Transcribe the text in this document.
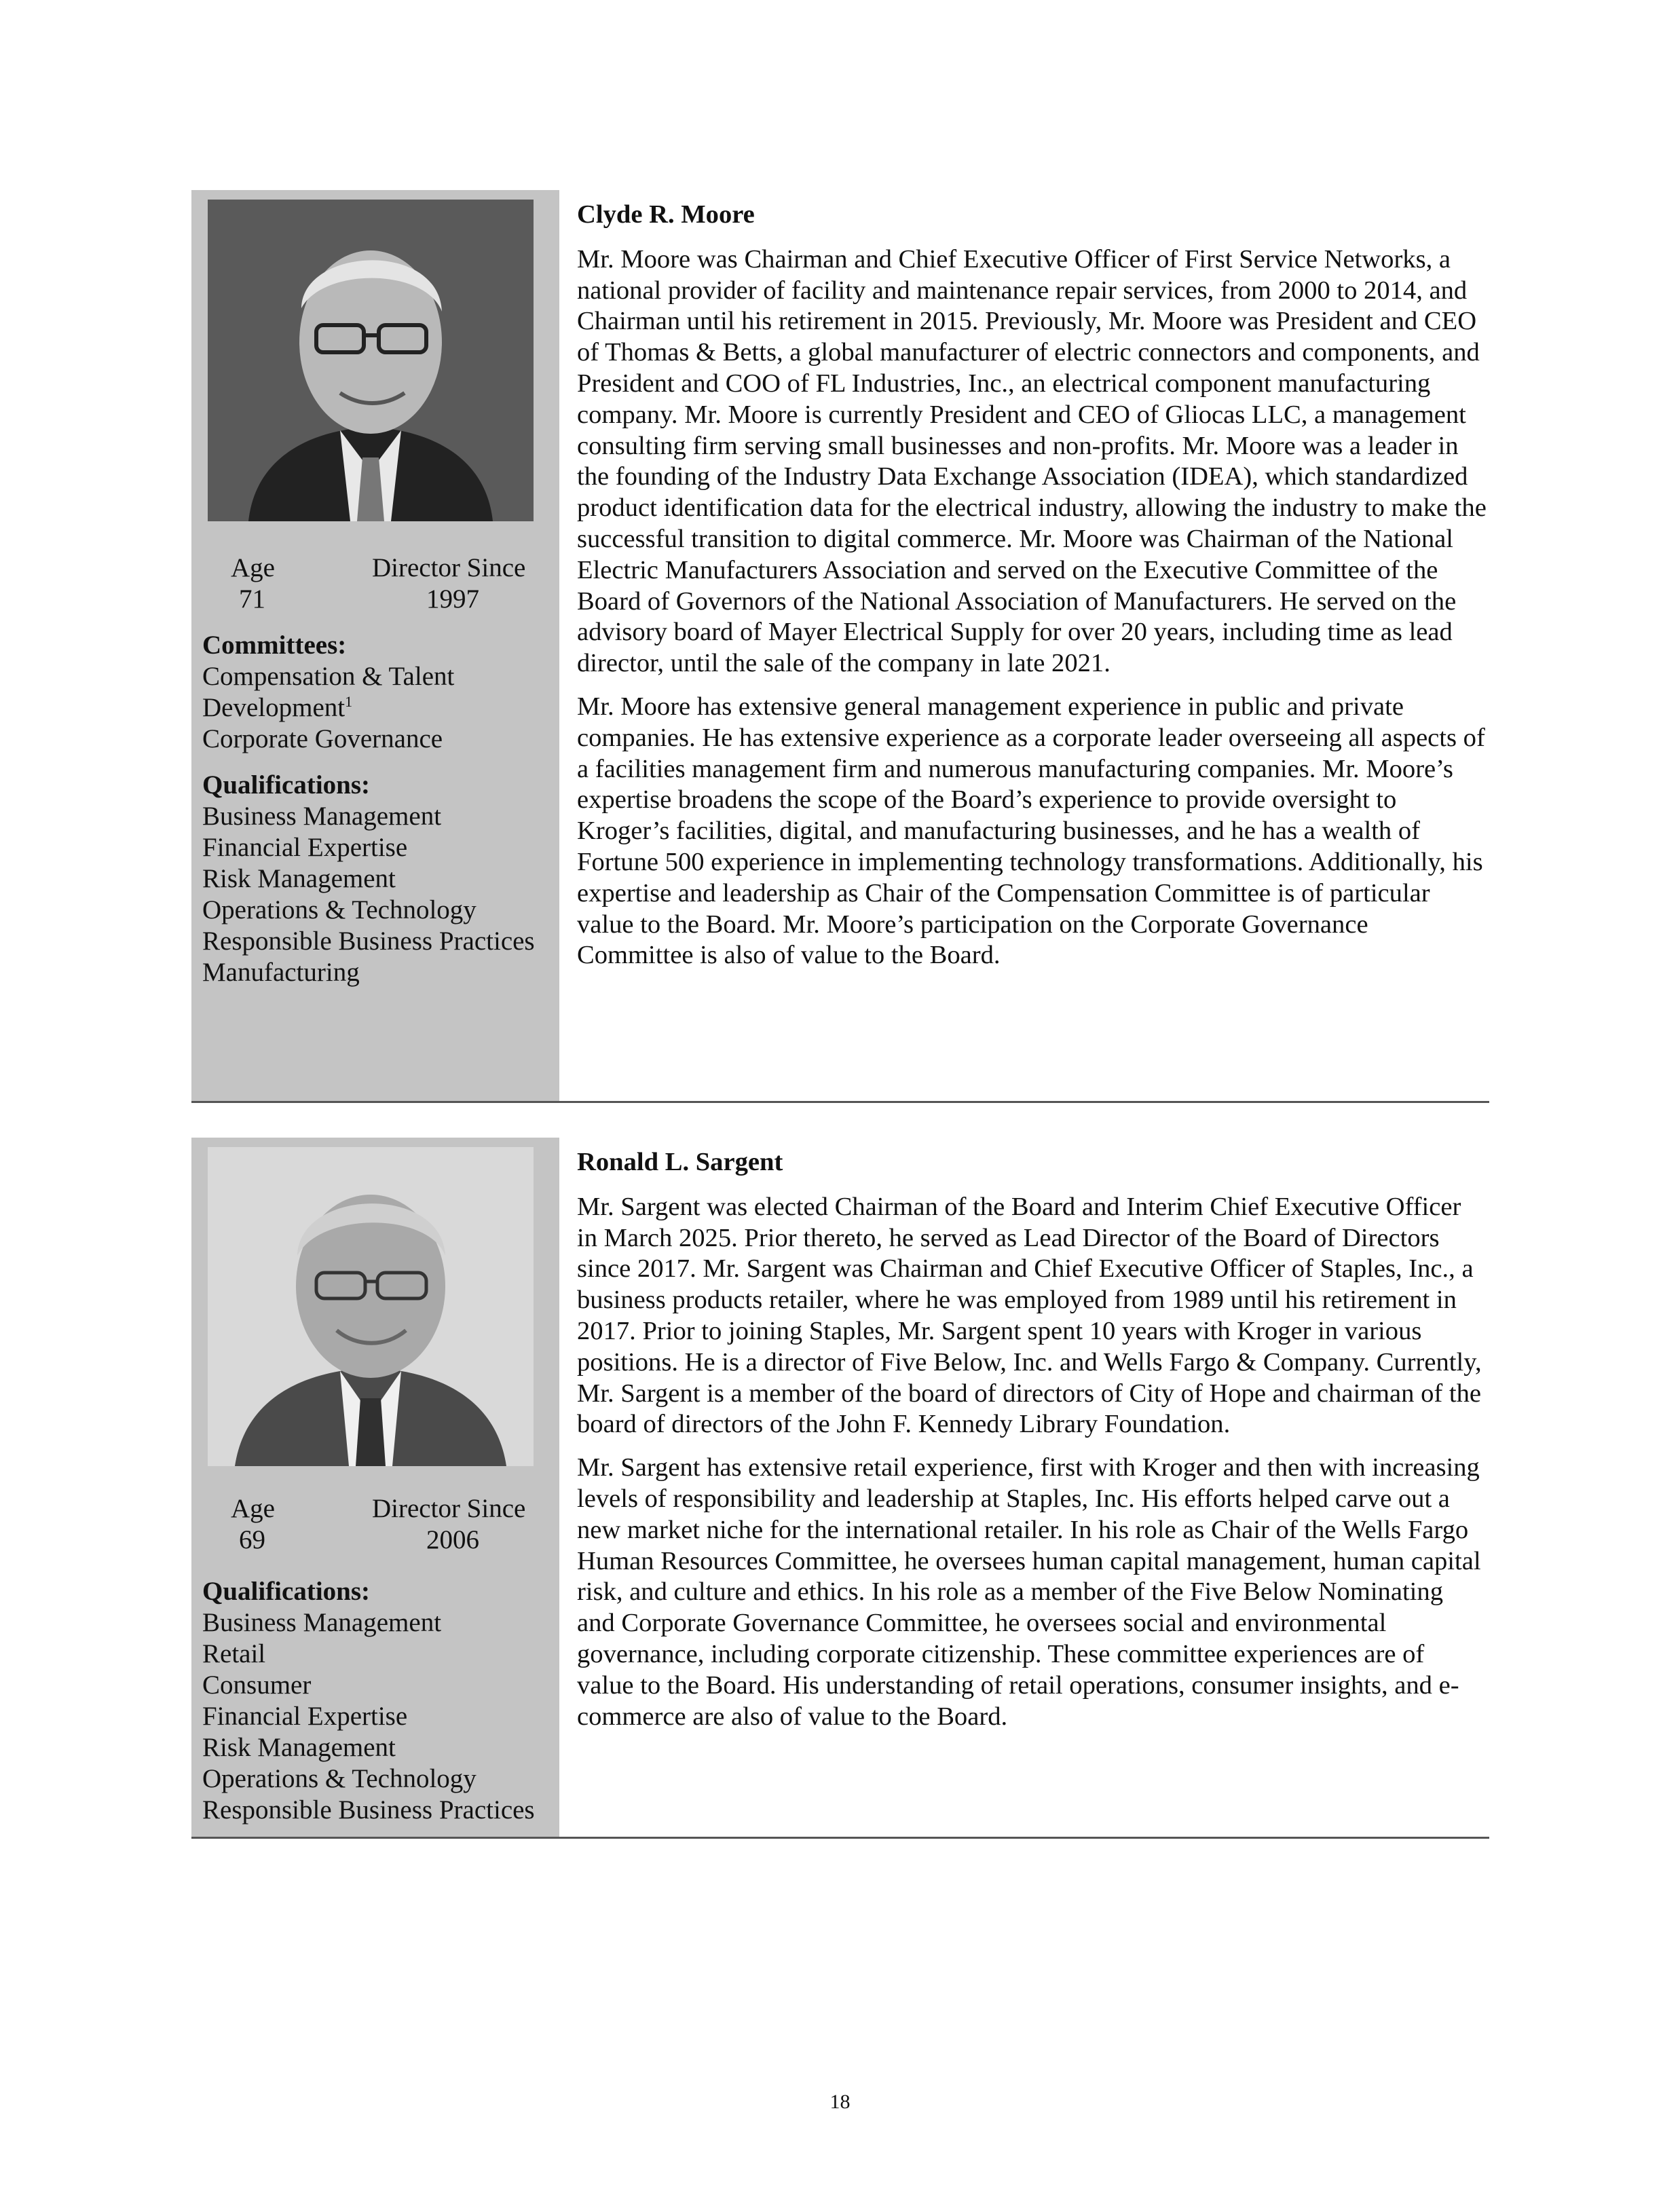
Age	Director Since
71	1997
Committees:
Compensation & Talent
Development$^1$
Corporate Governance
Qualifications:
Business Management
Financial Expertise
Risk Management
Operations & Technology
Responsible Business Practices
Manufacturing
Clyde R. Moore

Mr. Moore was Chairman and Chief Executive Officer of First Service Networks, a national provider of facility and maintenance repair services, from 2000 to 2014, and Chairman until his retirement in 2015. Previously, Mr. Moore was President and CEO of Thomas & Betts, a global manufacturer of electric connectors and components, and President and COO of FL Industries, Inc., an electrical component manufacturing company. Mr. Moore is currently President and CEO of Gliocas LLC, a management consulting firm serving small businesses and non-profits. Mr. Moore was a leader in the founding of the Industry Data Exchange Association (IDEA), which standardized product identification data for the electrical industry, allowing the industry to make the successful transition to digital commerce. Mr. Moore was Chairman of the National Electric Manufacturers Association and served on the Executive Committee of the Board of Governors of the National Association of Manufacturers. He served on the advisory board of Mayer Electrical Supply for over 20 years, including time as lead director, until the sale of the company in late 2021.

Mr. Moore has extensive general management experience in public and private companies. He has extensive experience as a corporate leader overseeing all aspects of a facilities management firm and numerous manufacturing companies. Mr. Moore’s expertise broadens the scope of the Board’s experience to provide oversight to Kroger’s facilities, digital, and manufacturing businesses, and he has a wealth of Fortune 500 experience in implementing technology transformations. Additionally, his expertise and leadership as Chair of the Compensation Committee is of particular value to the Board. Mr. Moore’s participation on the Corporate Governance Committee is also of value to the Board.

Age	Director Since
69	2006
Qualifications:
Business Management
Retail
Consumer
Financial Expertise
Risk Management
Operations & Technology
Responsible Business Practices
Ronald L. Sargent

Mr. Sargent was elected Chairman of the Board and Interim Chief Executive Officer in March 2025. Prior thereto, he served as Lead Director of the Board of Directors since 2017. Mr. Sargent was Chairman and Chief Executive Officer of Staples, Inc., a business products retailer, where he was employed from 1989 until his retirement in 2017. Prior to joining Staples, Mr. Sargent spent 10 years with Kroger in various positions. He is a director of Five Below, Inc. and Wells Fargo & Company. Currently, Mr. Sargent is a member of the board of directors of City of Hope and chairman of the board of directors of the John F. Kennedy Library Foundation.

Mr. Sargent has extensive retail experience, first with Kroger and then with increasing levels of responsibility and leadership at Staples, Inc. His efforts helped carve out a new market niche for the international retailer. In his role as Chair of the Wells Fargo Human Resources Committee, he oversees human capital management, human capital risk, and culture and ethics. In his role as a member of the Five Below Nominating and Corporate Governance Committee, he oversees social and environmental governance, including corporate citizenship. These committee experiences are of value to the Board. His understanding of retail operations, consumer insights, and e-commerce are also of value to the Board.

18
